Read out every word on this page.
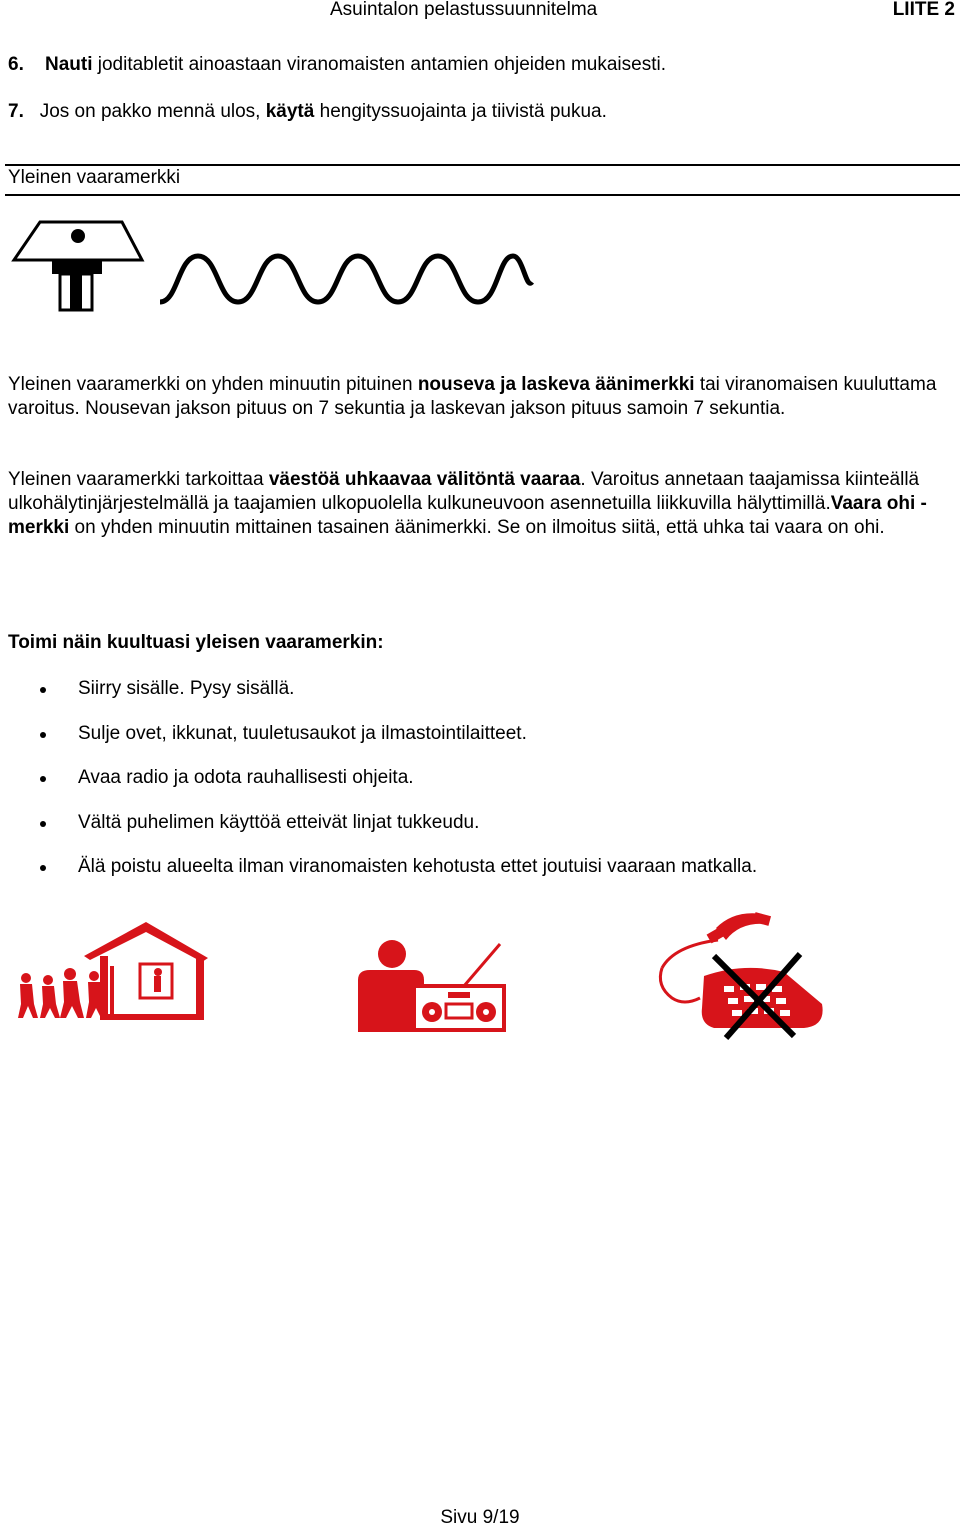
Asuintalon pelastussuunnitelma	LIITE 2
6. Nauti joditabletit ainoastaan viranomaisten antamien ohjeiden mukaisesti.
7. Jos on pakko mennä ulos, käytä hengityssuojainta ja tiivistä pukua.
Yleinen vaaramerkki
Yleinen vaaramerkki on yhden minuutin pituinen nouseva ja laskeva äänimerkki tai viranomaisen kuuluttama varoitus. Nousevan jakson pituus on 7 sekuntia ja laskevan jakson pituus samoin 7 sekuntia.
Yleinen vaaramerkki tarkoittaa väestöä uhkaavaa välitöntä vaaraa. Varoitus annetaan taajamissa kiinteällä ulkohälytinjärjestelmällä ja taajamien ulkopuolella kulkuneuvoon asennetuilla liikkuvilla hälyttimillä.Vaara ohi -merkki on yhden minuutin mittainen tasainen äänimerkki. Se on ilmoitus siitä, että uhka tai vaara on ohi.
Toimi näin kuultuasi yleisen vaaramerkin:
Siirry sisälle. Pysy sisällä.
Sulje ovet, ikkunat, tuuletusaukot ja ilmastointilaitteet.
Avaa radio ja odota rauhallisesti ohjeita.
Vältä puhelimen käyttöä etteivät linjat tukkeudu.
Älä poistu alueelta ilman viranomaisten kehotusta ettet joutuisi vaaraan matkalla.
Sivu 9/19
